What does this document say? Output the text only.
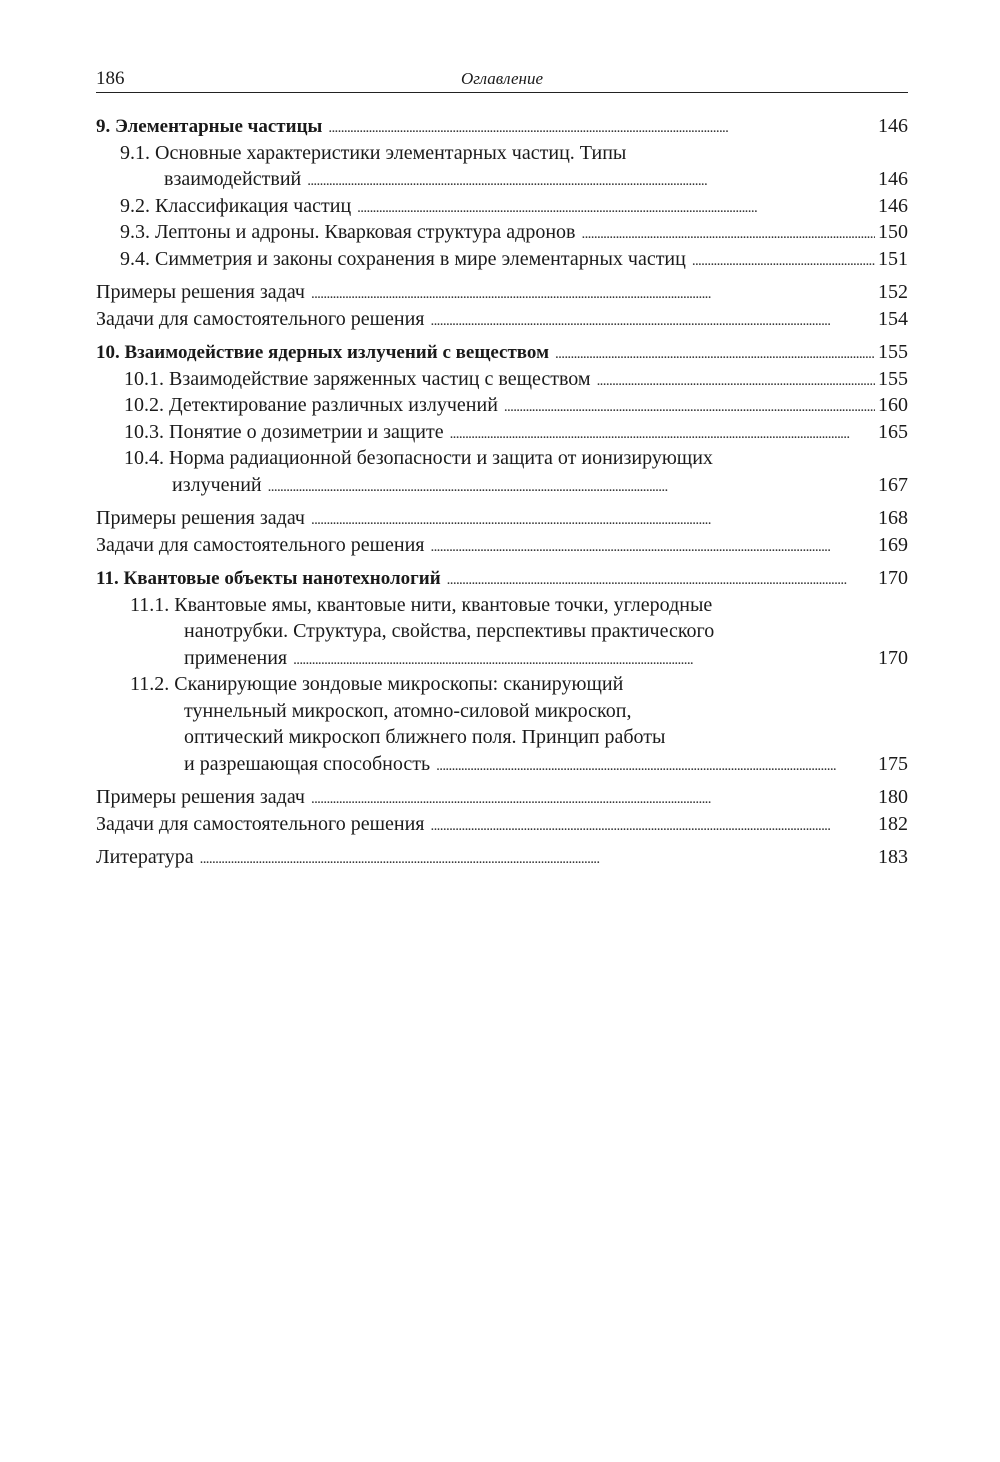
186	Оглавление
9. Элементарные частицы . . .	146
9.1. Основные характеристики элементарных частиц. Типы
взаимодействий . . .	146
9.2. Классификация частиц . . .	146
9.3. Лептоны и адроны. Кварковая структура адронов . . .	150
9.4. Симметрия и законы сохранения в мире элементарных частиц . . .	151
Примеры решения задач . . .	152
Задачи для самостоятельного решения . . .	154
10. Взаимодействие ядерных излучений с веществом . . .	155
10.1. Взаимодействие заряженных частиц с веществом . . .	155
10.2. Детектирование различных излучений . . .	160
10.3. Понятие о дозиметрии и защите . . .	165
10.4. Норма радиационной безопасности и защита от ионизирующих
излучений . . .	167
Примеры решения задач . . .	168
Задачи для самостоятельного решения . . .	169
11. Квантовые объекты нанотехнологий . . .	170
11.1. Квантовые ямы, квантовые нити, квантовые точки, углеродные
нанотрубки. Структура, свойства, перспективы практического
применения . . .	170
11.2. Сканирующие зондовые микроскопы: сканирующий
туннельный микроскоп, атомно-силовой микроскоп,
оптический микроскоп ближнего поля. Принцип работы
и разрешающая способность . . .	175
Примеры решения задач . . .	180
Задачи для самостоятельного решения . . .	182
Литература . . .	183
